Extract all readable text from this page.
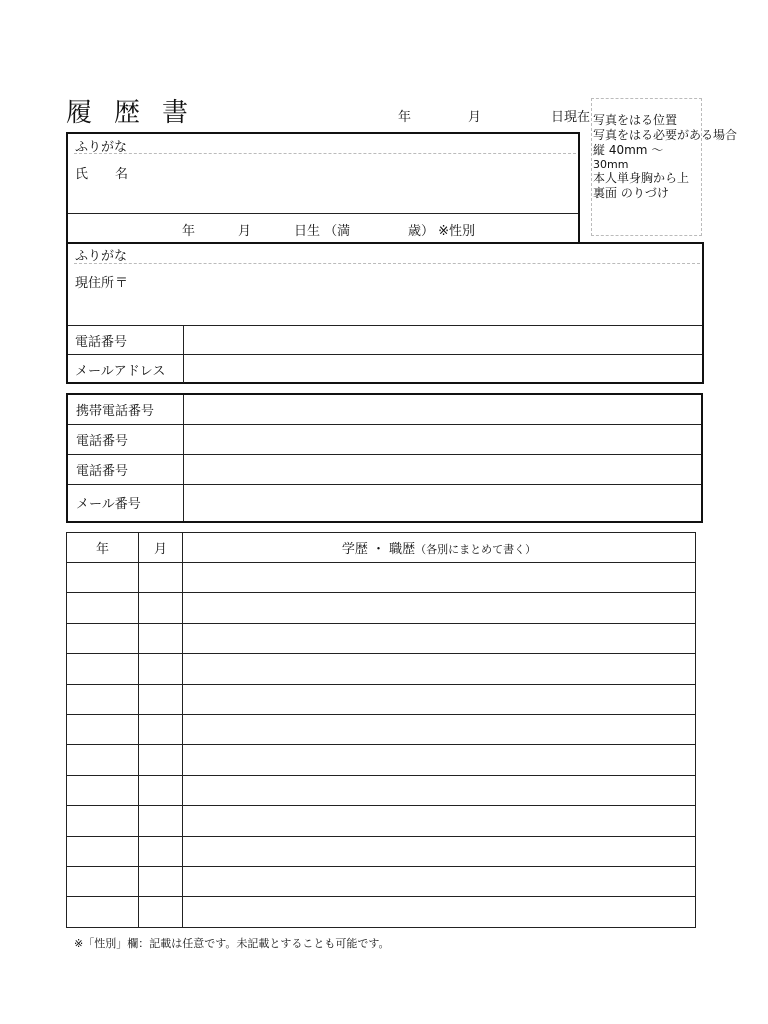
履歴書	年	月	日現在 写真をはる位置
写真をはる必要がある場合
縦 40mm ～
30mm
本人単身胸から上
裏面 のりづけ
ふりがな
氏 名
年	月	日生 （満	歳） ※性別
ふりがな
現住所 〒
電話番号
メールアドレス
携帯電話番号	
電話番号	
電話番号	
メール番号	
年	月	学歴 ・ 職歴（各別にまとめて書く）

※「性別」欄：記載は任意です。未記載とすることも可能です。
